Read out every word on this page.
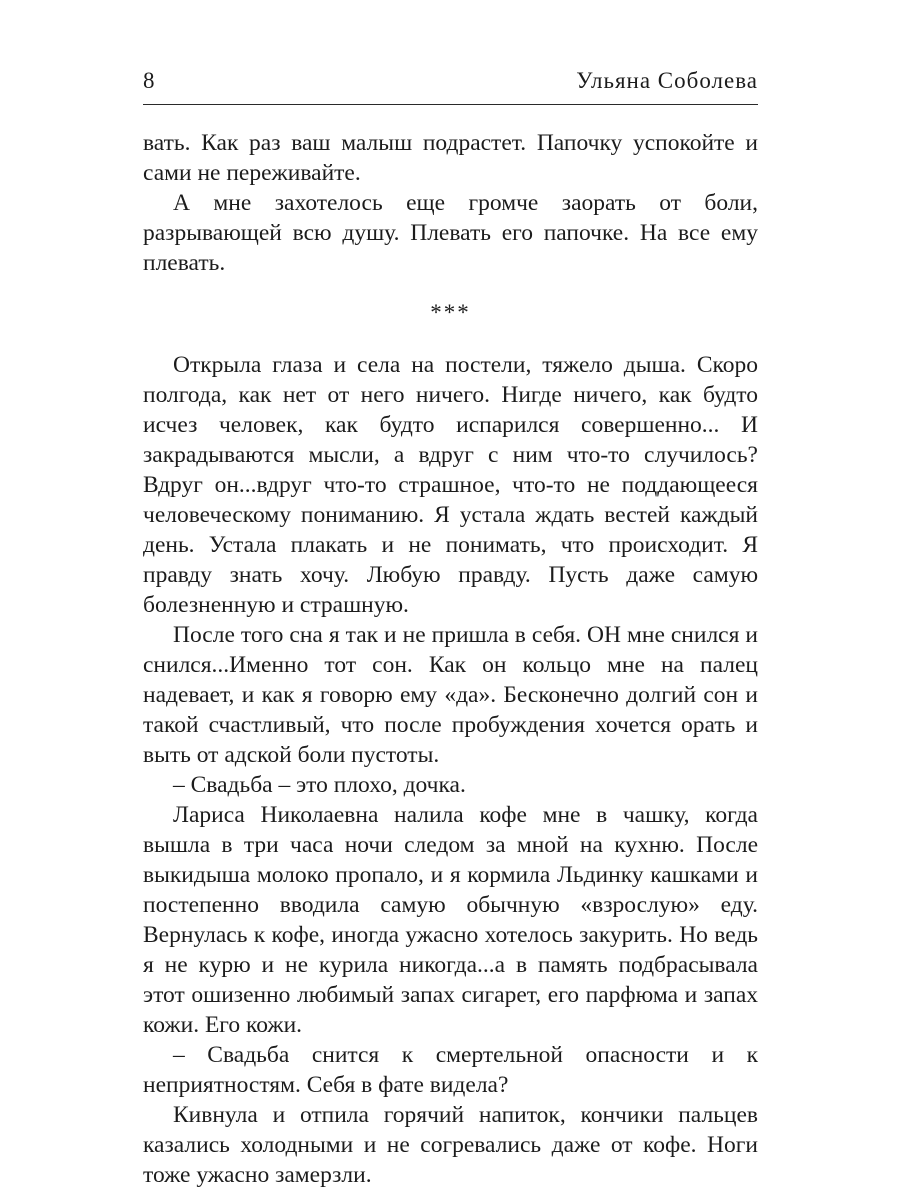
8	Ульяна Соболева

вать. Как раз ваш малыш подрастет. Папочку успокойте и сами не переживайте.

А мне захотелось еще громче заорать от боли, разрывающей всю душу. Плевать его папочке. На все ему плевать.

***

Открыла глаза и села на постели, тяжело дыша. Скоро полгода, как нет от него ничего. Нигде ничего, как будто исчез человек, как будто испарился совершенно... И закрадываются мысли, а вдруг с ним что-то случилось? Вдруг он...вдруг что-то страшное, что-то не поддающееся человеческому пониманию. Я устала ждать вестей каждый день. Устала плакать и не понимать, что происходит. Я правду знать хочу. Любую правду. Пусть даже самую болезненную и страшную.

После того сна я так и не пришла в себя. ОН мне снился и снился...Именно тот сон. Как он кольцо мне на палец надевает, и как я говорю ему «да». Бесконечно долгий сон и такой счастливый, что после пробуждения хочется орать и выть от адской боли пустоты.

– Свадьба – это плохо, дочка.

Лариса Николаевна налила кофе мне в чашку, когда вышла в три часа ночи следом за мной на кухню. После выкидыша молоко пропало, и я кормила Льдинку кашками и постепенно вводила самую обычную «взрослую» еду. Вернулась к кофе, иногда ужасно хотелось закурить. Но ведь я не курю и не курила никогда...а в память подбрасывала этот ошизенно любимый запах сигарет, его парфюма и запах кожи. Его кожи.

– Свадьба снится к смертельной опасности и к неприятностям. Себя в фате видела?

Кивнула и отпила горячий напиток, кончики пальцев казались холодными и не согревались даже от кофе. Ноги тоже ужасно замерзли.
